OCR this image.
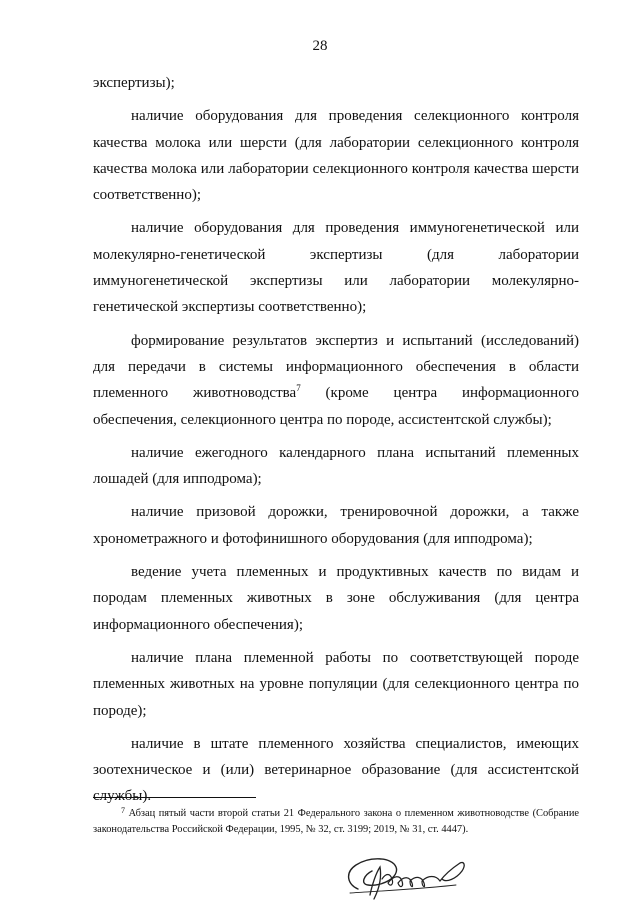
28

экспертизы);

наличие оборудования для проведения селекционного контроля качества молока или шерсти (для лаборатории селекционного контроля качества молока или лаборатории селекционного контроля качества шерсти соответственно);

наличие оборудования для проведения иммуногенетической или молекулярно-генетической экспертизы (для лаборатории иммуногенетической экспертизы или лаборатории молекулярно-генетической экспертизы соответственно);

формирование результатов экспертиз и испытаний (исследований) для передачи в системы информационного обеспечения в области племенного животноводства$^7$ (кроме центра информационного обеспечения, селекционного центра по породе, ассистентской службы);

наличие ежегодного календарного плана испытаний племенных лошадей (для ипподрома);

наличие призовой дорожки, тренировочной дорожки, а также хронометражного и фотофинишного оборудования (для ипподрома);

ведение учета племенных и продуктивных качеств по видам и породам племенных животных в зоне обслуживания (для центра информационного обеспечения);

наличие плана племенной работы по соответствующей породе племенных животных на уровне популяции (для селекционного центра по породе);

наличие в штате племенного хозяйства специалистов, имеющих зоотехническое и (или) ветеринарное образование (для ассистентской службы).

$^7$ Абзац пятый части второй статьи 21 Федерального закона о племенном животноводстве (Собрание законодательства Российской Федерации, 1995, № 32, ст. 3199; 2019, № 31, ст. 4447).
